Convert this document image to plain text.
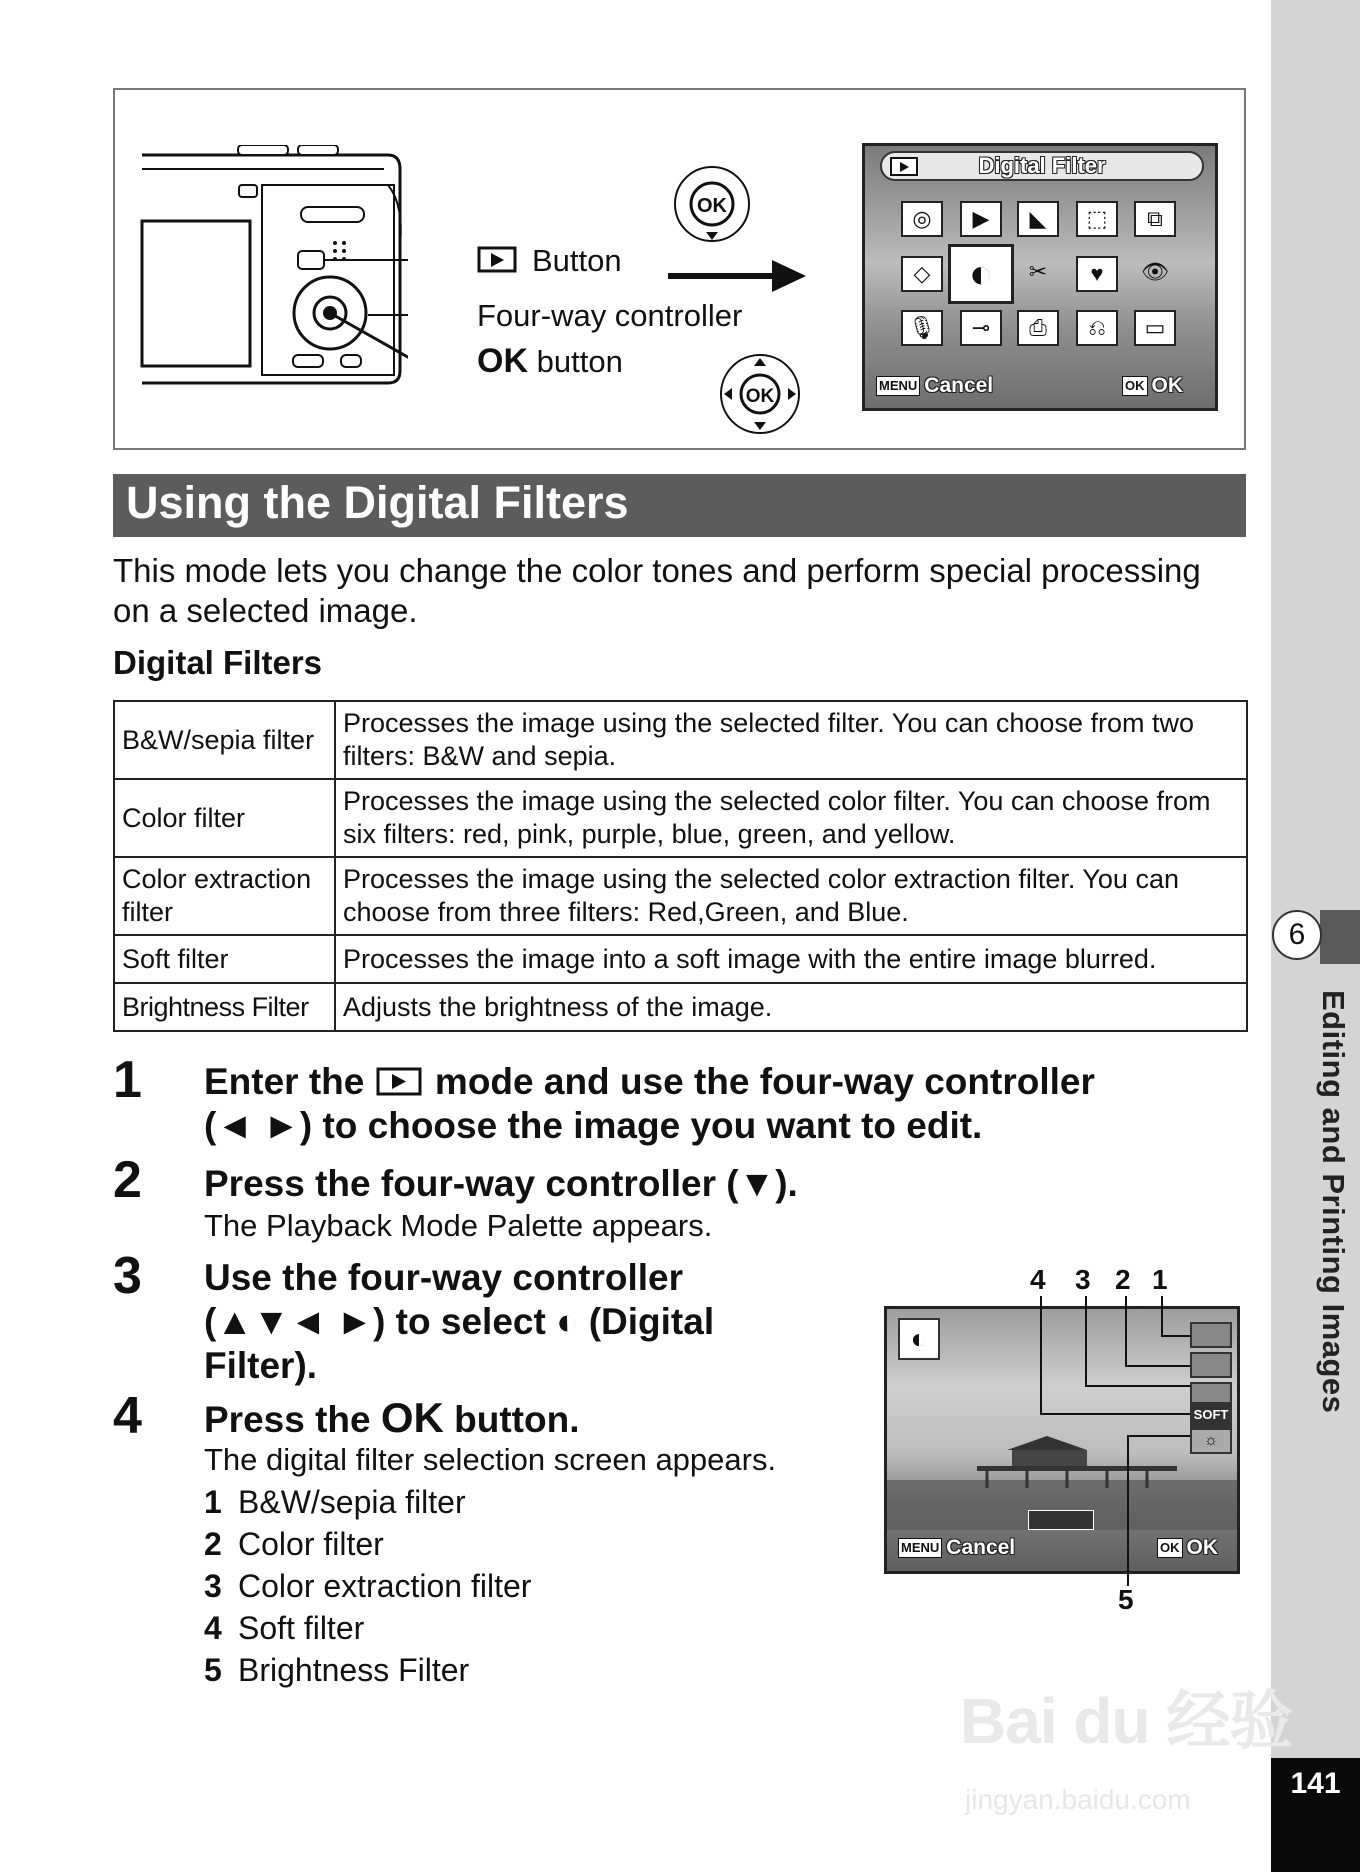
6
Editing and Printing Images
141
Button
Four-way controller
OK button
OK
OK
Digital Filter
◎	▶	◣	⬚	⧉
◇ ◐	✂	♥	👁
🎙	⊸	⎙	⎌	▭
MENU Cancel	OK OK
Using the Digital Filters
This mode lets you change the color tones and perform special processing on a selected image.
Digital Filters
B&W/sepia filter	Processes the image using the selected filter. You can choose from two filters: B&W and sepia.
Color filter	Processes the image using the selected color filter. You can choose from six filters: red, pink, purple, blue, green, and yellow.
Color extraction filter	Processes the image using the selected color extraction filter. You can choose from three filters: Red,Green, and Blue.
Soft filter	Processes the image into a soft image with the entire image blurred.
Brightness Filter	Adjusts the brightness of the image.
1 Enter the mode and use the four-way controller
(◄ ►) to choose the image you want to edit.
2 Press the four-way controller (▼).
The Playback Mode Palette appears.
3 Use the four-way controller
(▲▼◄ ►) to select ◐ (Digital
Filter).
4 Press the OK button.
The digital filter selection screen appears.
1 B&W/sepia filter
2 Color filter
3 Color extraction filter
4 Soft filter
5 Brightness Filter
4 3 2 1
◐
SOFT
☼
MENU Cancel	OK OK
5
Bai du 经验
jingyan.baidu.com
